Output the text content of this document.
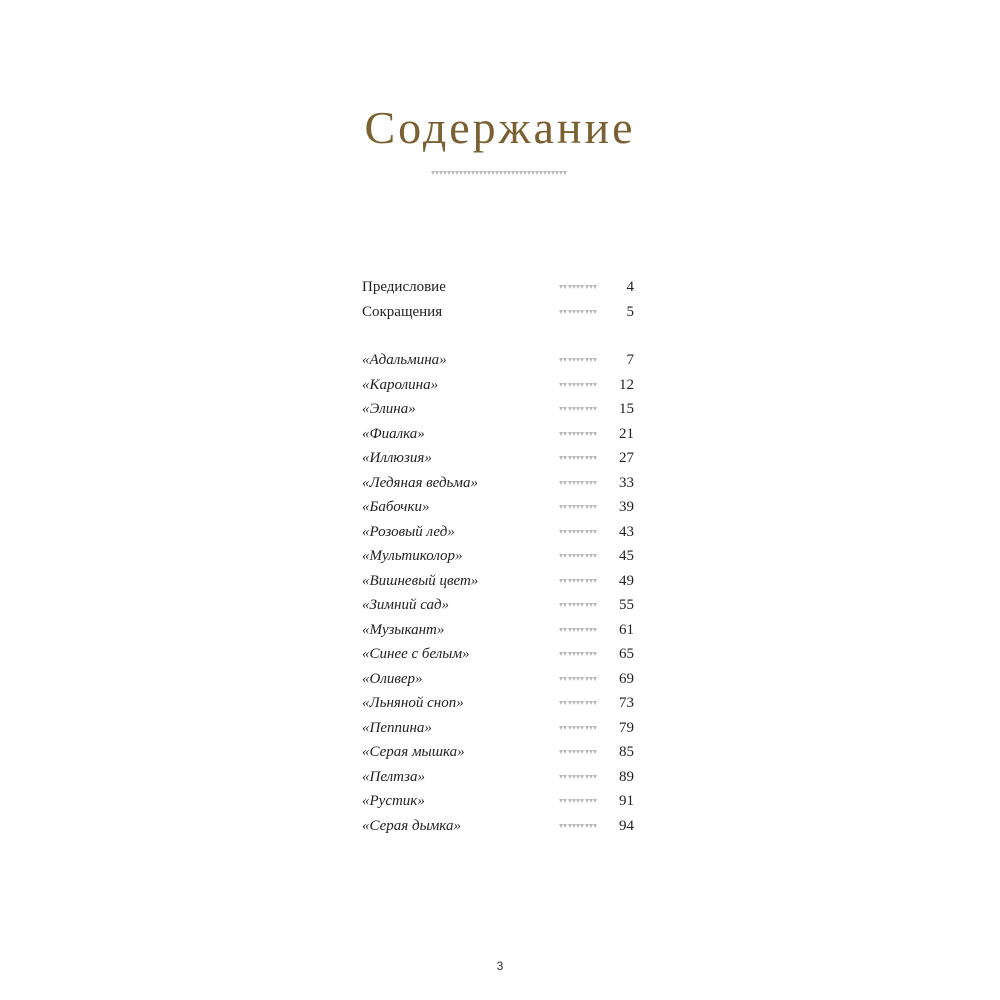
Содержание
Предисловие	4
Сокращения	5
«Адальмина»	7
«Каролина»	12
«Элина»	15
«Фиалка»	21
«Иллюзия»	27
«Ледяная ведьма»	33
«Бабочки»	39
«Розовый лед»	43
«Мультиколор»	45
«Вишневый цвет»	49
«Зимний сад»	55
«Музыкант»	61
«Синее с белым»	65
«Оливер»	69
«Льняной сноп»	73
«Пеппина»	79
«Серая мышка»	85
«Пелтза»	89
«Рустик»	91
«Серая дымка»	94
3
